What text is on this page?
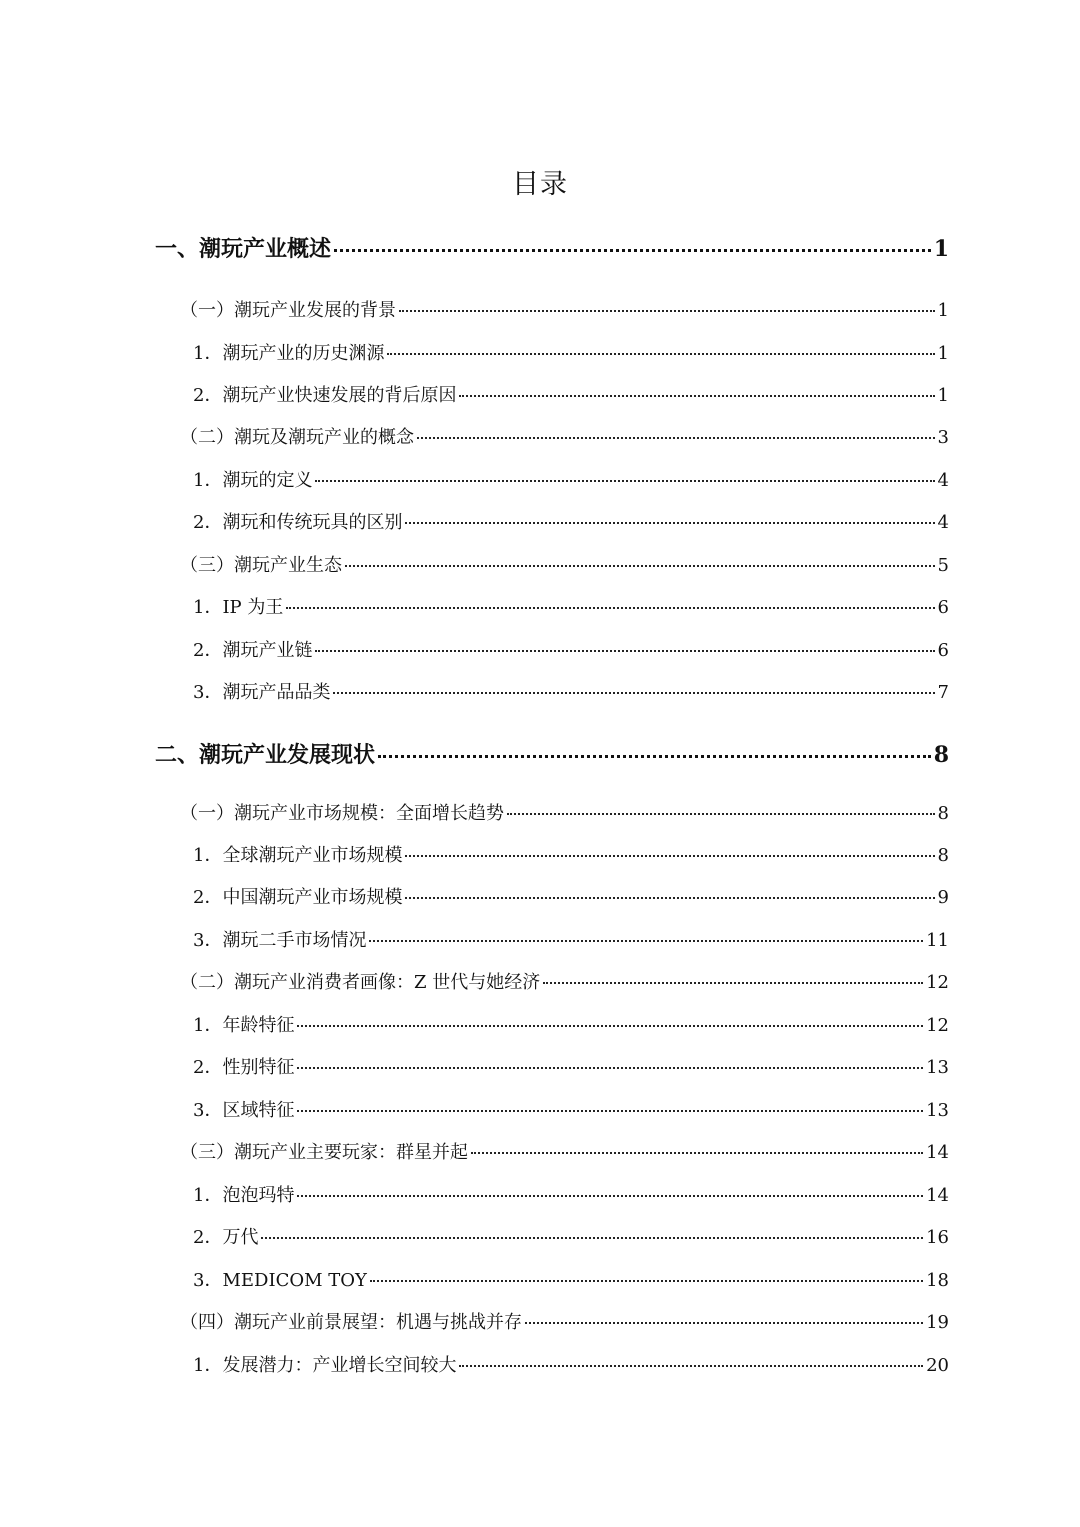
目录
一、潮玩产业概述	1
（一）潮玩产业发展的背景	1
1．潮玩产业的历史渊源	1
2．潮玩产业快速发展的背后原因	1
（二）潮玩及潮玩产业的概念	3
1．潮玩的定义	4
2．潮玩和传统玩具的区别	4
（三）潮玩产业生态	5
1．IP 为王	6
2．潮玩产业链	6
3．潮玩产品品类	7
二、潮玩产业发展现状	8
（一）潮玩产业市场规模：全面增长趋势	8
1．全球潮玩产业市场规模	8
2．中国潮玩产业市场规模	9
3．潮玩二手市场情况	11
（二）潮玩产业消费者画像：Z 世代与她经济	12
1．年龄特征	12
2．性别特征	13
3．区域特征	13
（三）潮玩产业主要玩家：群星并起	14
1．泡泡玛特	14
2．万代	16
3．MEDICOM TOY	18
（四）潮玩产业前景展望：机遇与挑战并存	19
1．发展潜力：产业增长空间较大	20
